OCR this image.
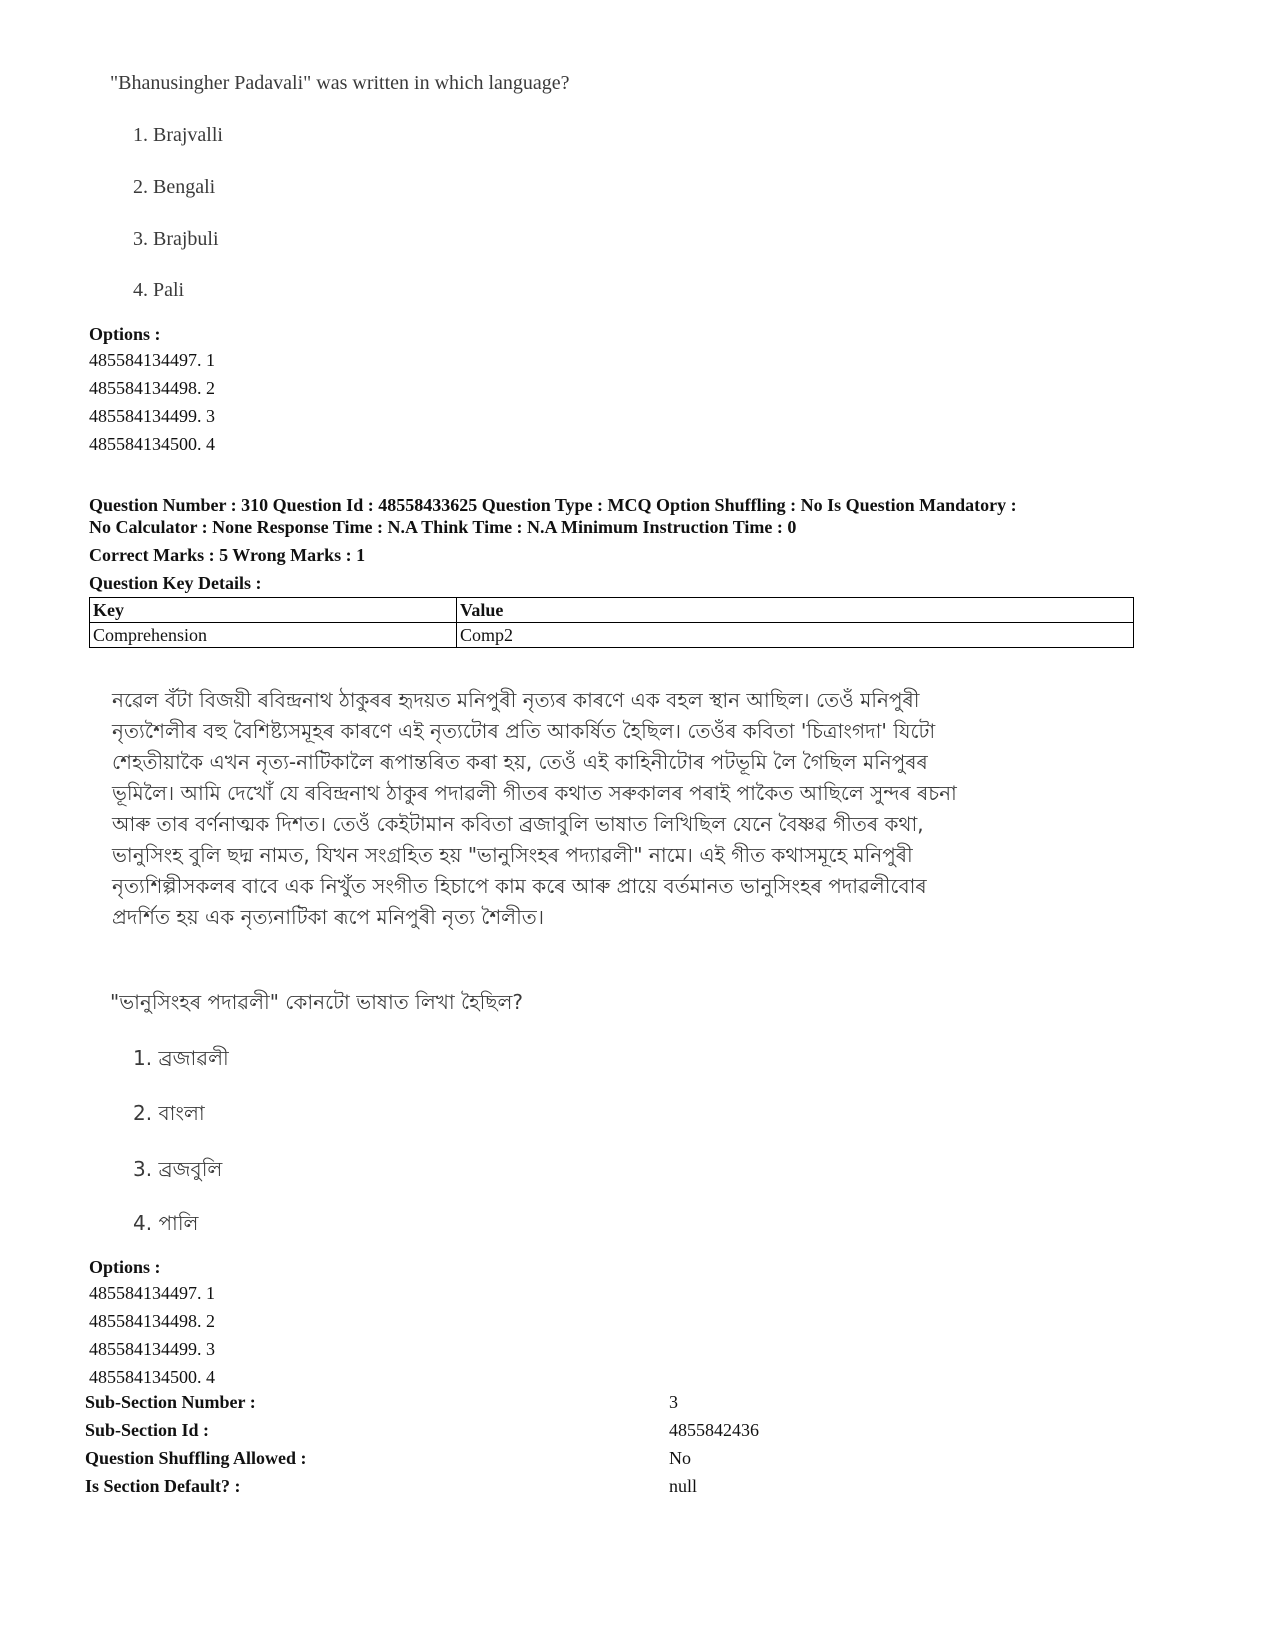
"Bhanusingher Padavali" was written in which language?
1. Brajvalli
2. Bengali
3. Brajbuli
4. Pali
Options :
485584134497. 1
485584134498. 2
485584134499. 3
485584134500. 4
Question Number : 310 Question Id : 48558433625 Question Type : MCQ Option Shuffling : No Is Question Mandatory :
No Calculator : None Response Time : N.A Think Time : N.A Minimum Instruction Time : 0
Correct Marks : 5 Wrong Marks : 1
Question Key Details :
Key	Value
Comprehension	Comp2
নৱেল বঁটা বিজয়ী ৰবিন্দ্ৰনাথ ঠাকুৰৰ হৃদয়ত মনিপুৰী নৃত্যৰ কাৰণে এক বহল স্থান আছিল। তেওঁ মনিপুৰী
নৃত্যশৈলীৰ বহু বৈশিষ্ট্যসমূহৰ কাৰণে এই নৃত্যটোৰ প্ৰতি আকৰ্ষিত হৈছিল। তেওঁৰ কবিতা 'চিত্ৰাংগদা' যিটো
শেহতীয়াকৈ এখন নৃত্য-নাটিকালৈ ৰূপান্তৰিত কৰা হয়, তেওঁ এই কাহিনীটোৰ পটভূমি লৈ গৈছিল মনিপুৰৰ
ভূমিলৈ। আমি দেখোঁ যে ৰবিন্দ্ৰনাথ ঠাকুৰ পদাৱলী গীতৰ কথাত সৰুকালৰ পৰাই পাকৈত আছিলে সুন্দৰ ৰচনা
আৰু তাৰ বৰ্ণনাত্মক দিশত। তেওঁ কেইটামান কবিতা ব্ৰজাবুলি ভাষাত লিখিছিল যেনে বৈষ্ণৱ গীতৰ কথা,
ভানুসিংহ বুলি ছদ্ম নামত, যিখন সংগ্ৰহিত হয় "ভানুসিংহৰ পদ্যাৱলী" নামে। এই গীত কথাসমূহে মনিপুৰী
নৃত্যশিল্পীসকলৰ বাবে এক নিখুঁত সংগীত হিচাপে কাম কৰে আৰু প্ৰায়ে বৰ্তমানত ভানুসিংহৰ পদাৱলীবোৰ
প্ৰদৰ্শিত হয় এক নৃত্যনাটিকা ৰূপে মনিপুৰী নৃত্য শৈলীত।
"ভানুসিংহৰ পদাৱলী" কোনটো ভাষাত লিখা হৈছিল?
1. ব্ৰজাৱলী
2. বাংলা
3. ব্ৰজবুলি
4. পালি
Options :
485584134497. 1
485584134498. 2
485584134499. 3
485584134500. 4
Sub-Section Number :	3
Sub-Section Id :	4855842436
Question Shuffling Allowed :	No
Is Section Default? :	null
